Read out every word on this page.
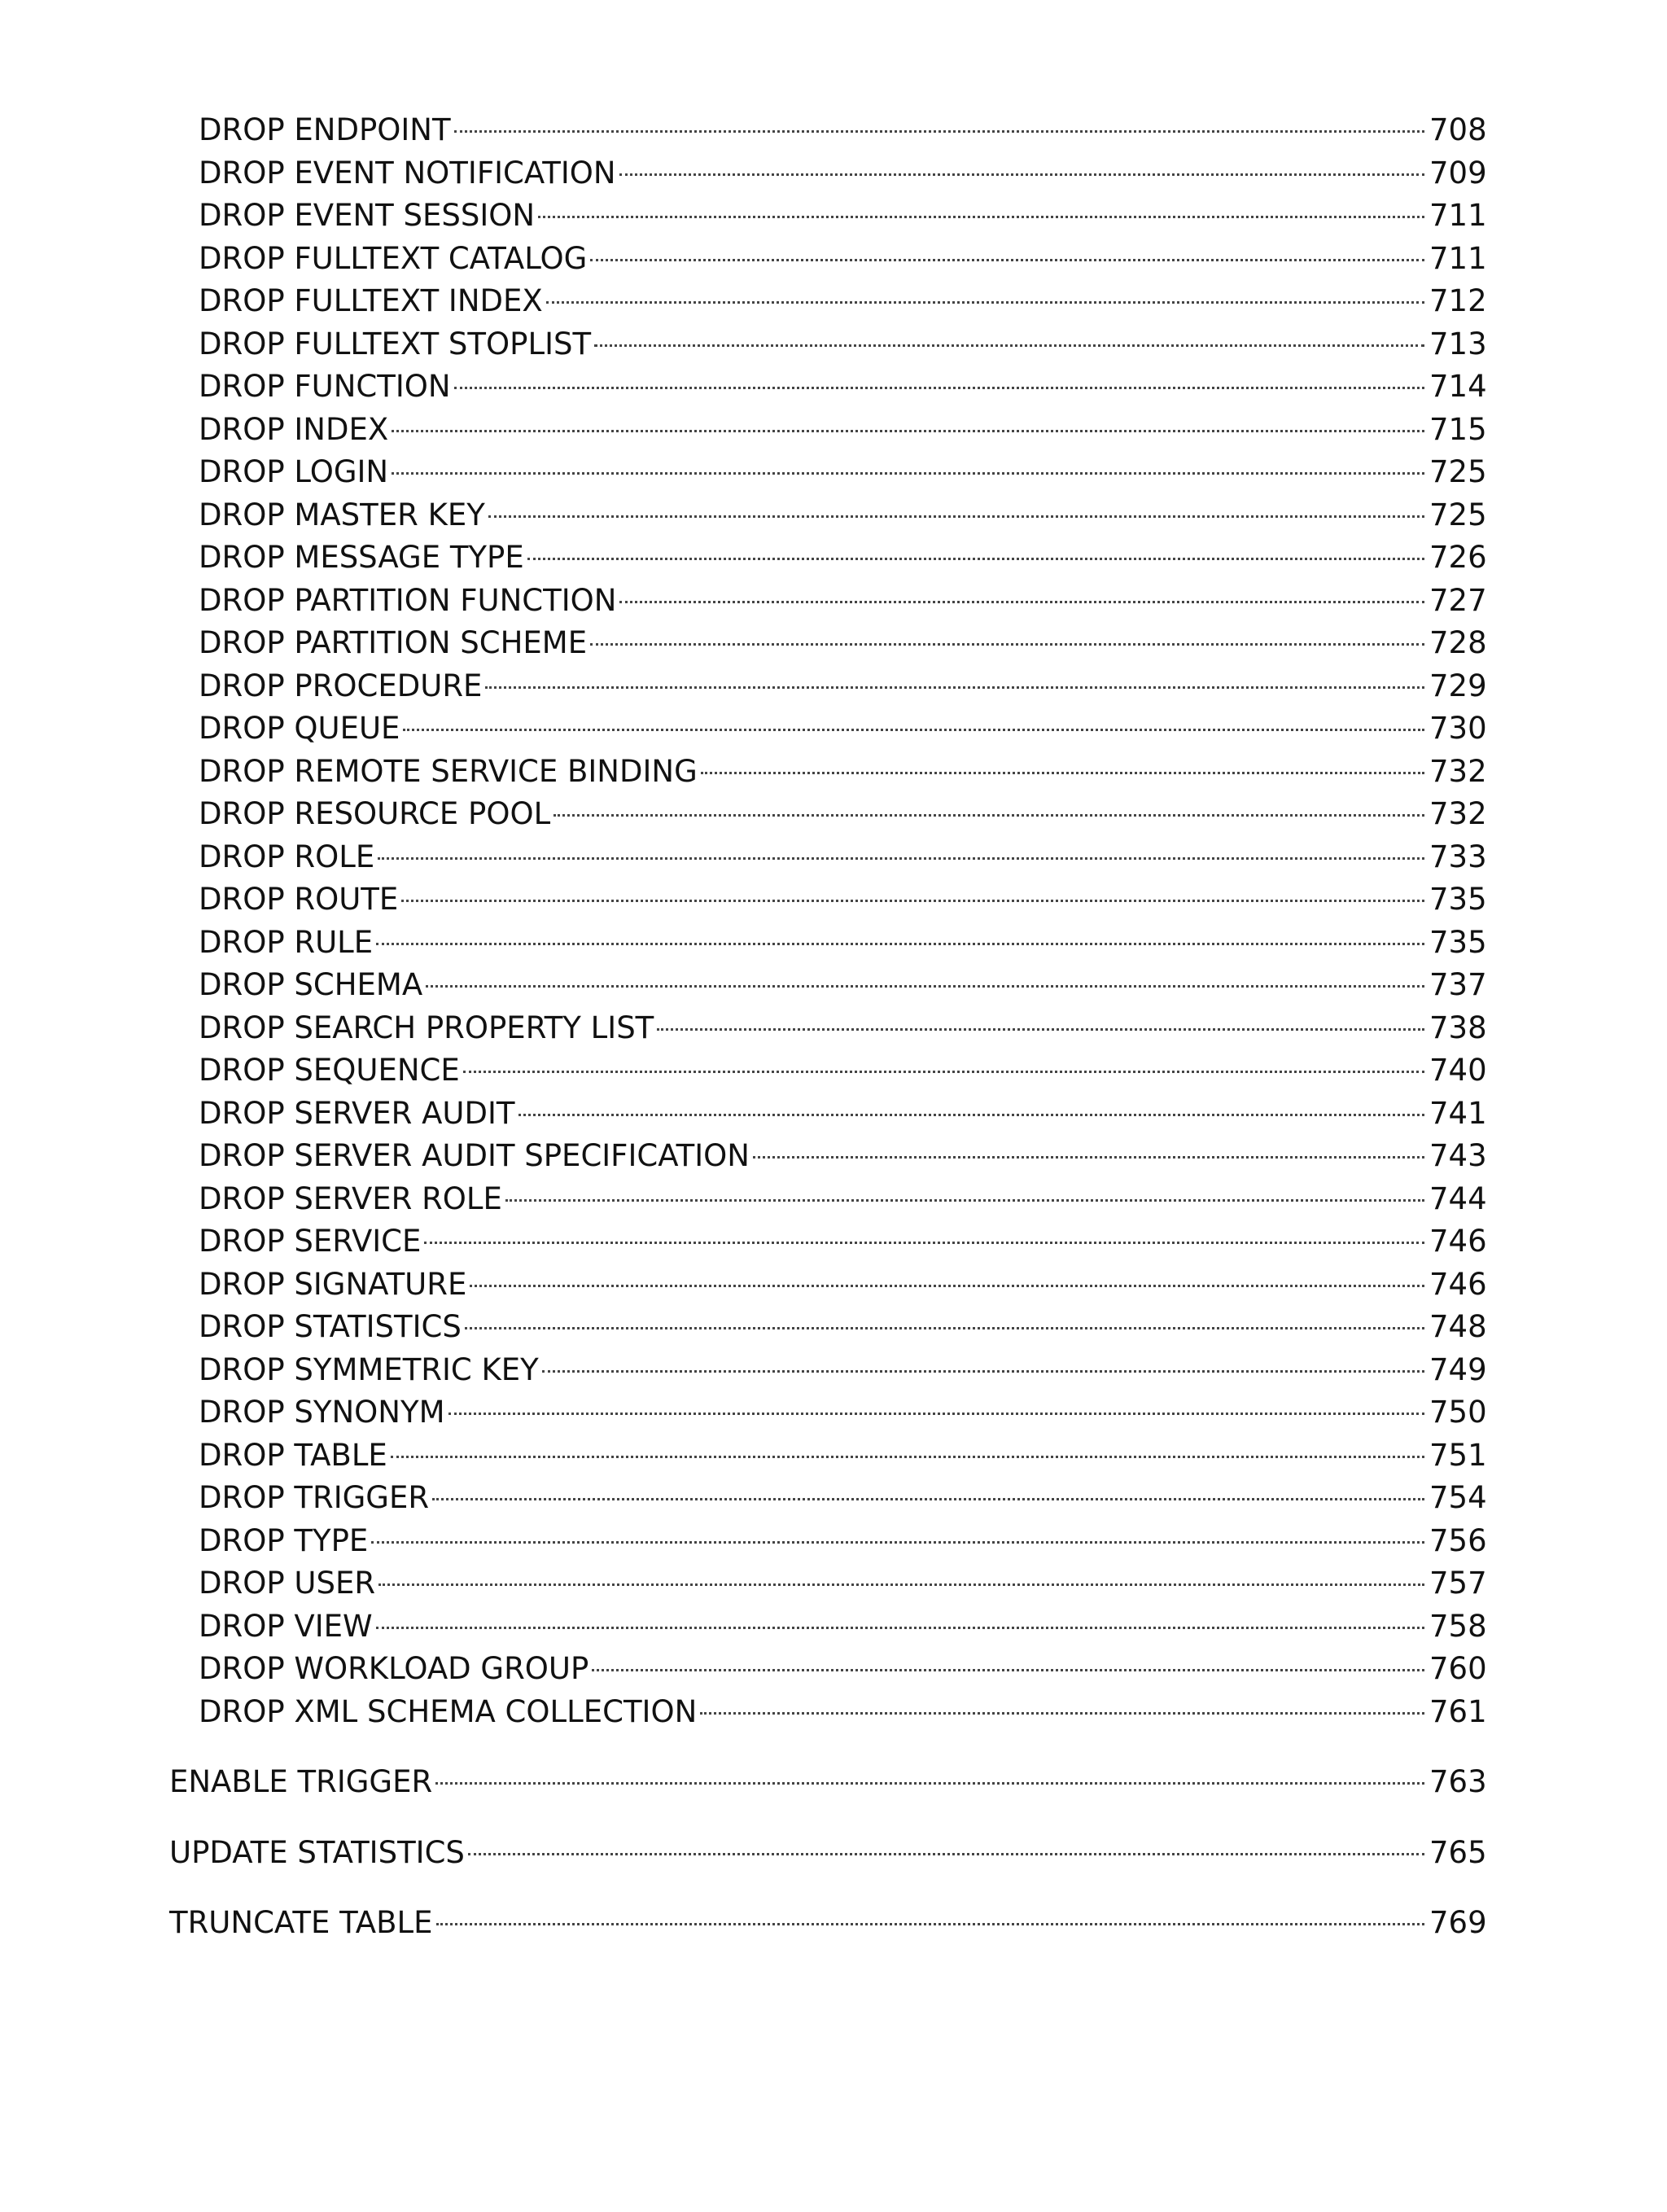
DROP ENDPOINT	708
DROP EVENT NOTIFICATION	709
DROP EVENT SESSION	711
DROP FULLTEXT CATALOG	711
DROP FULLTEXT INDEX	712
DROP FULLTEXT STOPLIST	713
DROP FUNCTION	714
DROP INDEX	715
DROP LOGIN	725
DROP MASTER KEY	725
DROP MESSAGE TYPE	726
DROP PARTITION FUNCTION	727
DROP PARTITION SCHEME	728
DROP PROCEDURE	729
DROP QUEUE	730
DROP REMOTE SERVICE BINDING	732
DROP RESOURCE POOL	732
DROP ROLE	733
DROP ROUTE	735
DROP RULE	735
DROP SCHEMA	737
DROP SEARCH PROPERTY LIST	738
DROP SEQUENCE	740
DROP SERVER AUDIT	741
DROP SERVER AUDIT SPECIFICATION	743
DROP SERVER ROLE	744
DROP SERVICE	746
DROP SIGNATURE	746
DROP STATISTICS	748
DROP SYMMETRIC KEY	749
DROP SYNONYM	750
DROP TABLE	751
DROP TRIGGER	754
DROP TYPE	756
DROP USER	757
DROP VIEW	758
DROP WORKLOAD GROUP	760
DROP XML SCHEMA COLLECTION	761
ENABLE TRIGGER	763
UPDATE STATISTICS	765
TRUNCATE TABLE	769
